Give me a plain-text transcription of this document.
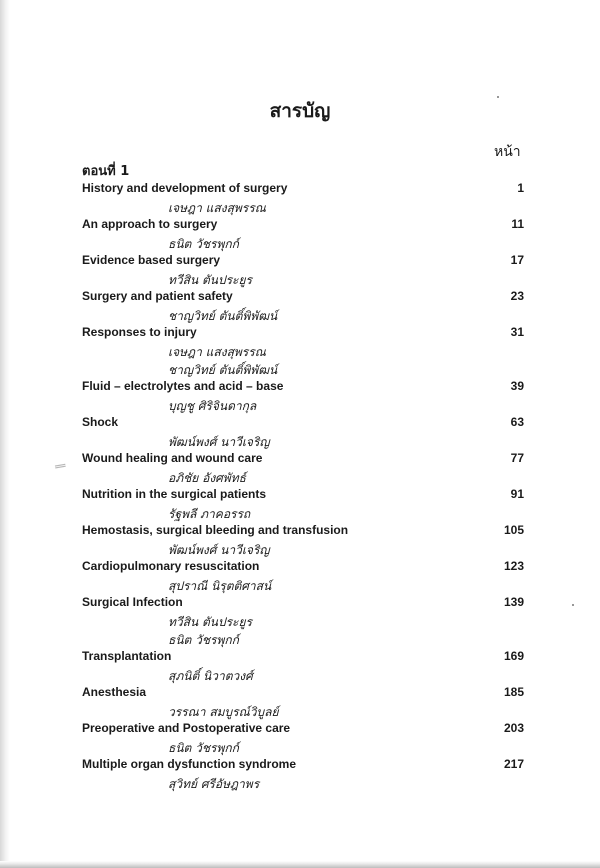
สารบัญ
หน้า
ตอนที่ 1
‗
History and development of surgery	1
เจษฎา แสงสุพรรณ
An approach to surgery	11
ธนิต วัชรพุกก์
Evidence based surgery	17
ทวีสิน ตันประยูร
Surgery and patient safety	23
ชาญวิทย์ ตันติ์พิพัฒน์
Responses to injury	31
เจษฎา แสงสุพรรณ
ชาญวิทย์ ตันติ์พิพัฒน์
Fluid – electrolytes and acid – base	39
บุญชู ศิริจินดากุล
Shock	63
พัฒน์พงศ์ นาวีเจริญ
Wound healing and wound care	77
อภิชัย อังศพัทธ์
Nutrition in the surgical patients	91
รัฐพลี ภาคอรรถ
Hemostasis, surgical bleeding and transfusion	105
พัฒน์พงศ์ นาวีเจริญ
Cardiopulmonary resuscitation	123
สุปราณี นิรุตติศาสน์
Surgical Infection	139
ทวีสิน ตันประยูร
ธนิต วัชรพุกก์
Transplantation	169
สุภนิติ์ นิวาตวงศ์
Anesthesia	185
วรรณา สมบูรณ์วิบูลย์
Preoperative and Postoperative care	203
ธนิต วัชรพุกก์
Multiple organ dysfunction syndrome	217
สุวิทย์ ศรีอัษฎาพร
